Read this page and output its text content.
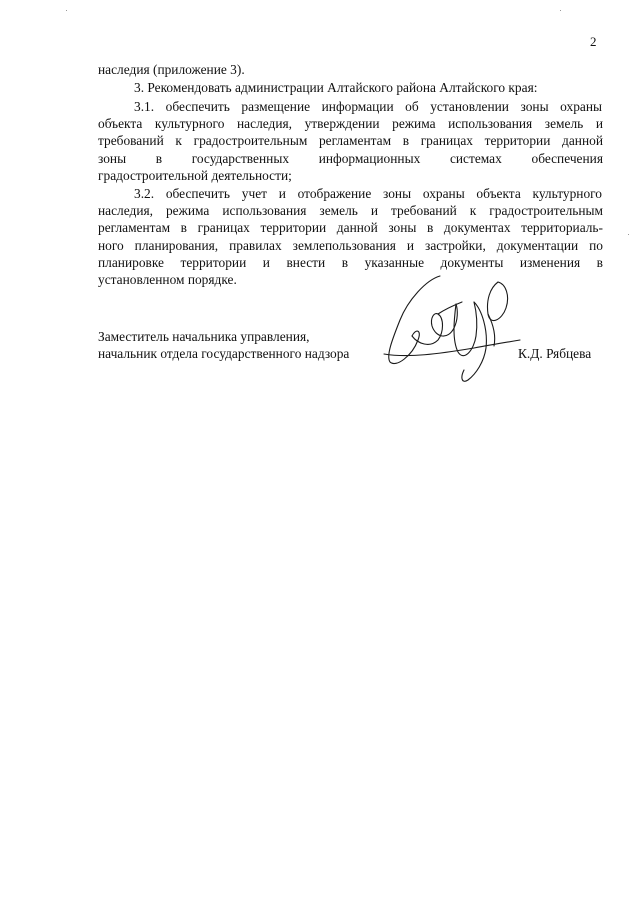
2
наследия (приложение 3).
3. Рекомендовать администрации Алтайского района Алтайского края:
3.1. обеспечить размещение информации об установлении зоны охраны
объекта культурного наследия, утверждении режима использования земель и
требований к градостроительным регламентам в границах территории данной
зоны в государственных информационных системах обеспечения
градостроительной деятельности;
3.2. обеспечить учет и отображение зоны охраны объекта культурного
наследия, режима использования земель и требований к градостроительным
регламентам в границах территории данной зоны в документах территориаль-
ного планирования, правилах землепользования и застройки, документации по
планировке территории и внести в указанные документы изменения в
установленном порядке.
Заместитель начальника управления,
начальник отдела государственного надзора	К.Д. Рябцева
